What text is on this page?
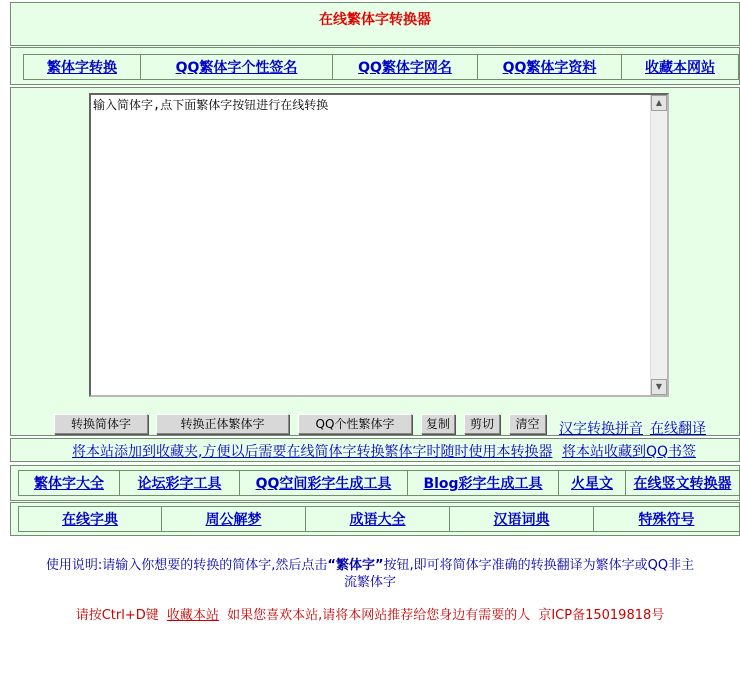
在线繁体字转换器
繁体字转换	QQ繁体字个性签名	QQ繁体字网名	QQ繁体字资料	收藏本网站
输入简体字,点下面繁体字按钮进行在线转换
▲
▼
转换简体字	转换正体繁体字	QQ个性繁体字	复制	剪切	清空	汉字转换拼音 在线翻译
将本站添加到收藏夹,方便以后需要在线简体字转换繁体字时随时使用本转换器 将本站收藏到QQ书签
繁体字大全	论坛彩字工具	QQ空间彩字生成工具	Blog彩字生成工具	火星文	在线竖文转换器
在线字典	周公解梦	成语大全	汉语词典	特殊符号
使用说明:请输入你想要的转换的简体字,然后点击“繁体字”按钮,即可将简体字准确的转换翻译为繁体字或QQ非主
流繁体字
请按Ctrl+D键 收藏本站 如果您喜欢本站,请将本网站推荐给您身边有需要的人 京ICP备15019818号
